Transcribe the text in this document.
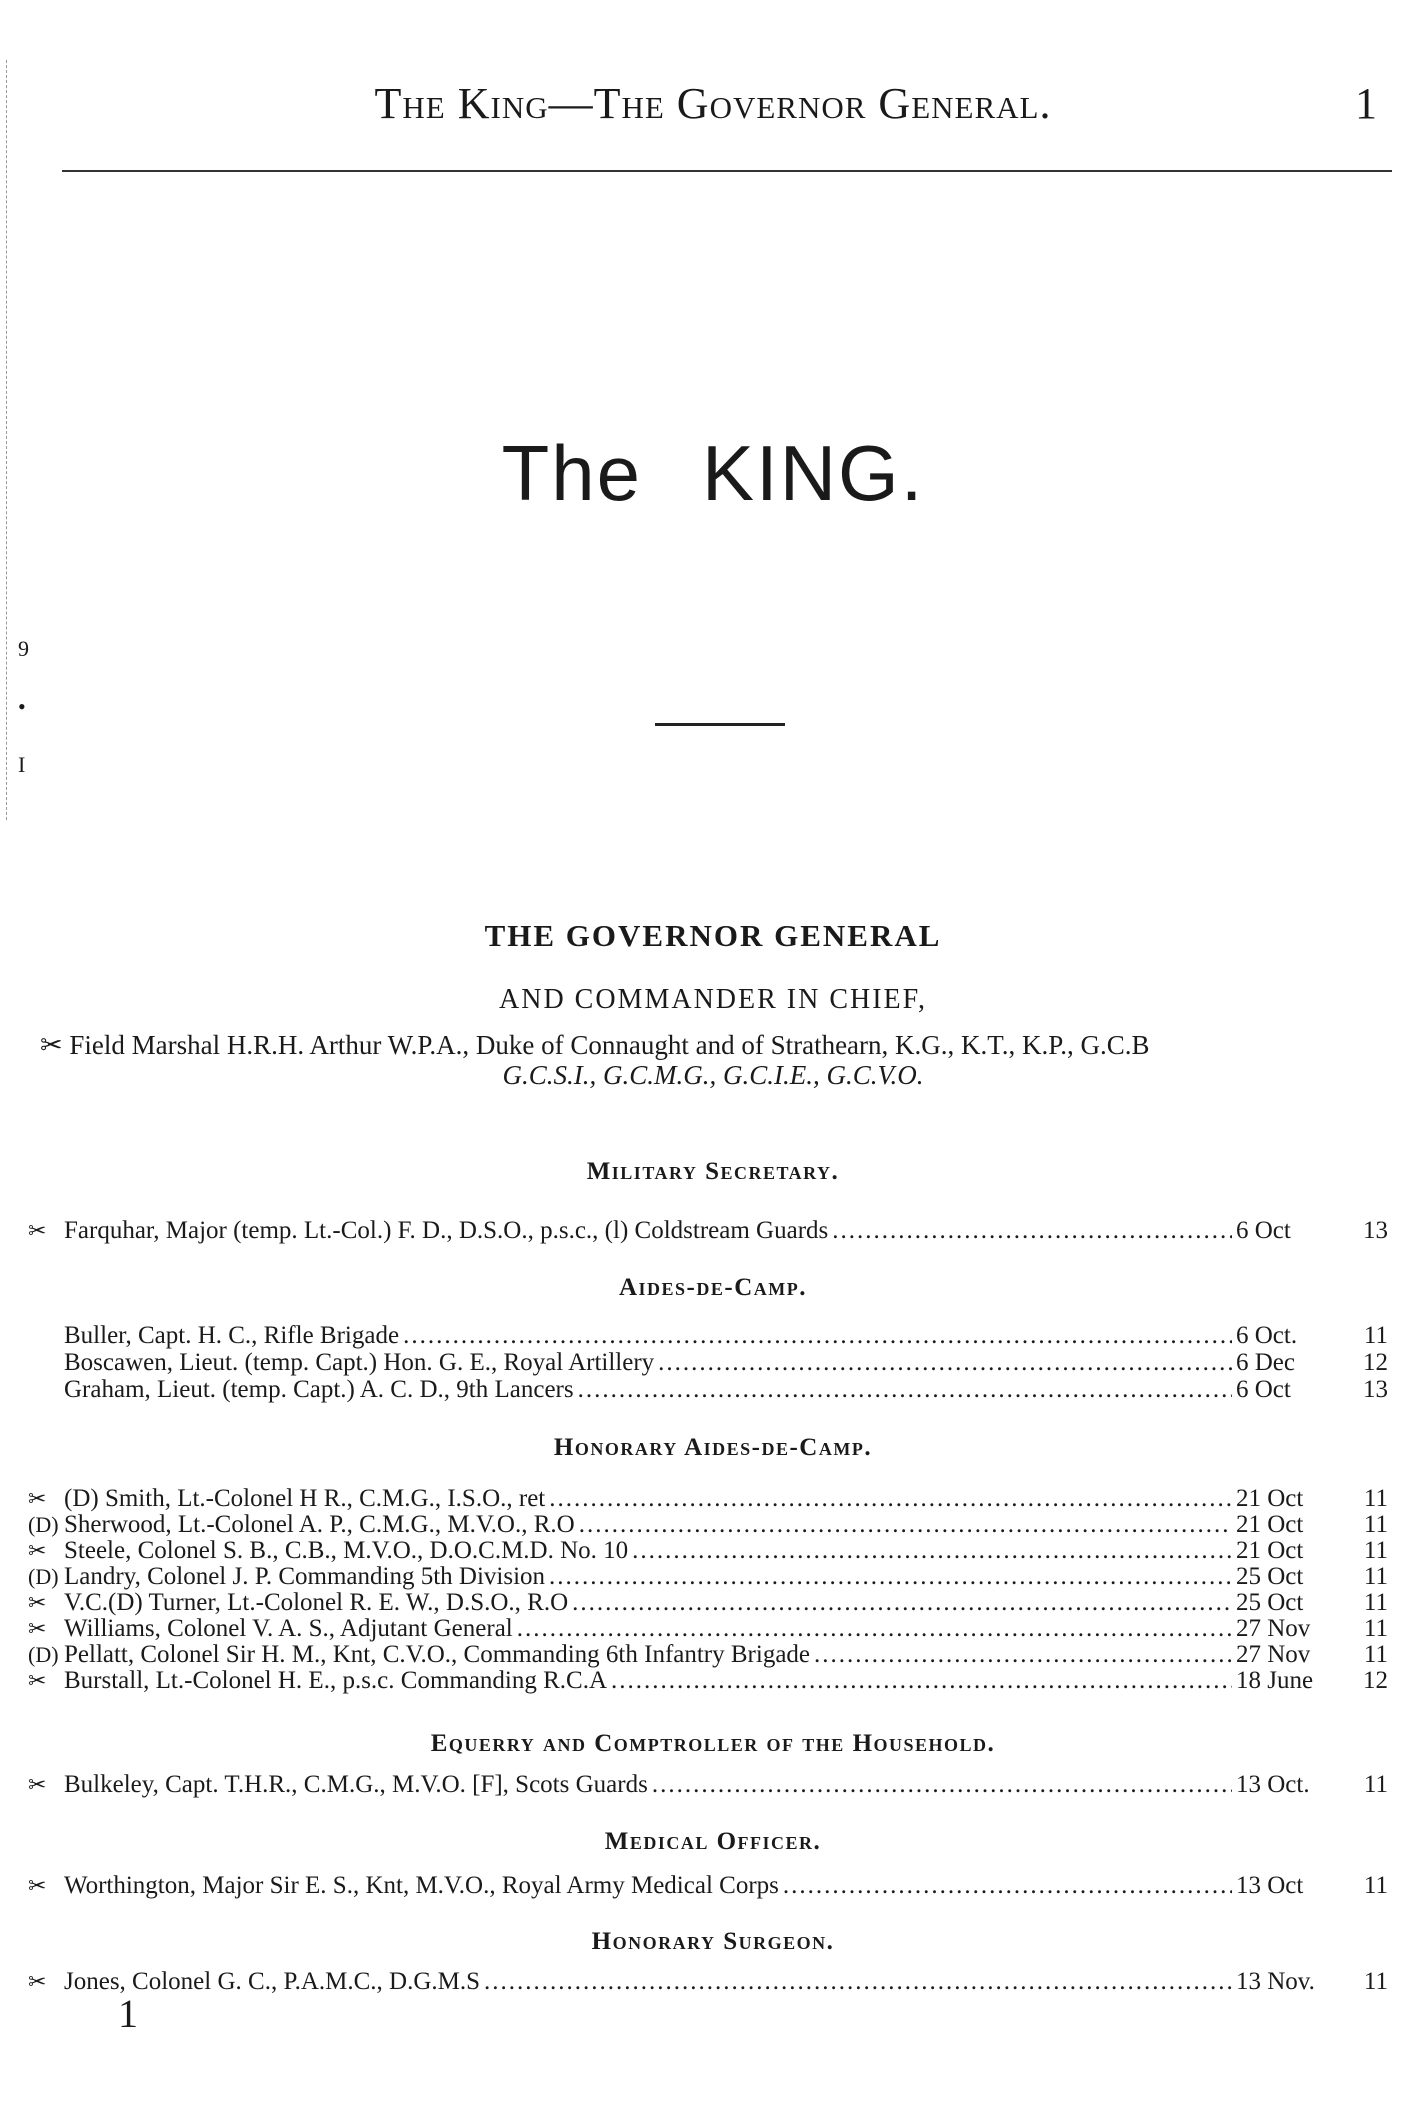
9
•
I
The King—The Governor General.	1
The KING.
THE GOVERNOR GENERAL
AND COMMANDER IN CHIEF,
✂ Field Marshal H.R.H. Arthur W.P.A., Duke of Connaught and of Strathearn, K.G., K.T., K.P., G.C.B
G.C.S.I., G.C.M.G., G.C.I.E., G.C.V.O.
Military Secretary.
✂ Farquhar, Major (temp. Lt.-Col.) F. D., D.S.O., p.s.c., (l) Coldstream Guards .....	6 Oct	13
Aides-de-Camp.
Buller, Capt. H. C., Rifle Brigade .....	6 Oct.	11
Boscawen, Lieut. (temp. Capt.) Hon. G. E., Royal Artillery .....	6 Dec	12
Graham, Lieut. (temp. Capt.) A. C. D., 9th Lancers .....	6 Oct	13
Honorary Aides-de-Camp.
✂ (D) Smith, Lt.-Colonel H R., C.M.G., I.S.O., ret .....	21 Oct	11
(D) Sherwood, Lt.-Colonel A. P., C.M.G., M.V.O., R.O .....	21 Oct	11
✂ Steele, Colonel S. B., C.B., M.V.O., D.O.C.M.D. No. 10 .....	21 Oct	11
(D) Landry, Colonel J. P. Commanding 5th Division .....	25 Oct	11
✂ V.C.(D) Turner, Lt.-Colonel R. E. W., D.S.O., R.O .....	25 Oct	11
✂ Williams, Colonel V. A. S., Adjutant General .....	27 Nov	11
(D) Pellatt, Colonel Sir H. M., Knt, C.V.O., Commanding 6th Infantry Brigade .....	27 Nov	11
✂ Burstall, Lt.-Colonel H. E., p.s.c. Commanding R.C.A .....	18 June	12
Equerry and Comptroller of the Household.
✂ Bulkeley, Capt. T.H.R., C.M.G., M.V.O. [F], Scots Guards .....	13 Oct.	11
Medical Officer.
✂ Worthington, Major Sir E. S., Knt, M.V.O., Royal Army Medical Corps .....	13 Oct	11
Honorary Surgeon.
✂ Jones, Colonel G. C., P.A.M.C., D.G.M.S .....	13 Nov.	11
1
